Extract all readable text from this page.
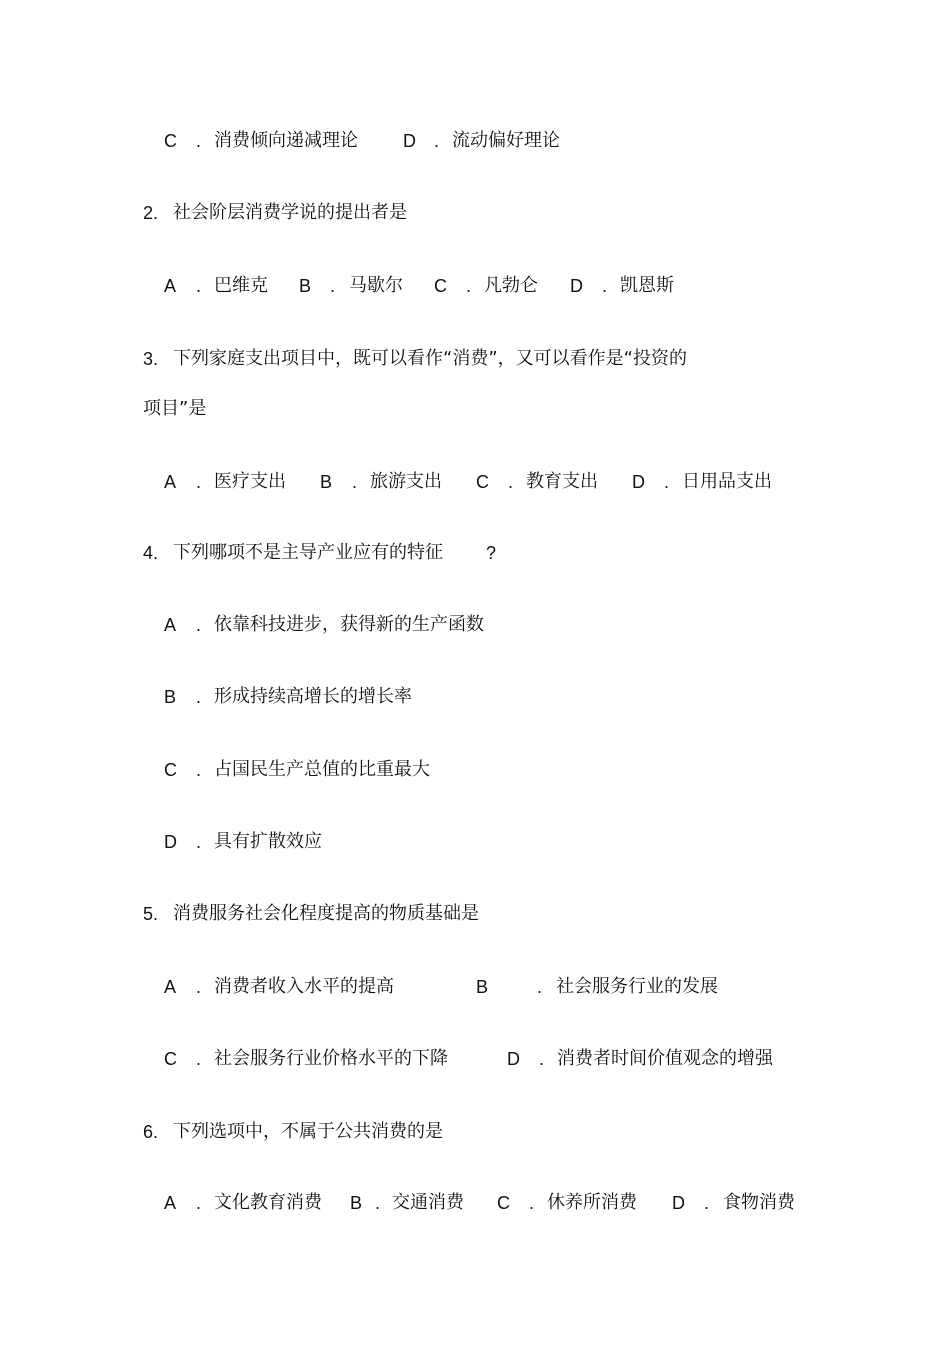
C . 消费倾向递减理论	D . 流动偏好理论
2. 社会阶层消费学说的提出者是
A . 巴维克 B . 马歇尔 C . 凡勃仑 D . 凯恩斯
3. 下列家庭支出项目中，既可以看作“消费”，又可以看作是“投资的
项目”是
A . 医疗支出 B . 旅游支出 C . 教育支出 D . 日用品支出
4. 下列哪项不是主导产业应有的特征 ?
A . 依靠科技进步，获得新的生产函数
B . 形成持续高增长的增长率
C . 占国民生产总值的比重最大
D . 具有扩散效应
5. 消费服务社会化程度提高的物质基础是
A . 消费者收入水平的提高	B	. 社会服务行业的发展
C . 社会服务行业价格水平的下降	D . 消费者时间价值观念的增强
6. 下列选项中，不属于公共消费的是
A . 文化教育消费 B . 交通消费 C . 休养所消费 D . 食物消费
